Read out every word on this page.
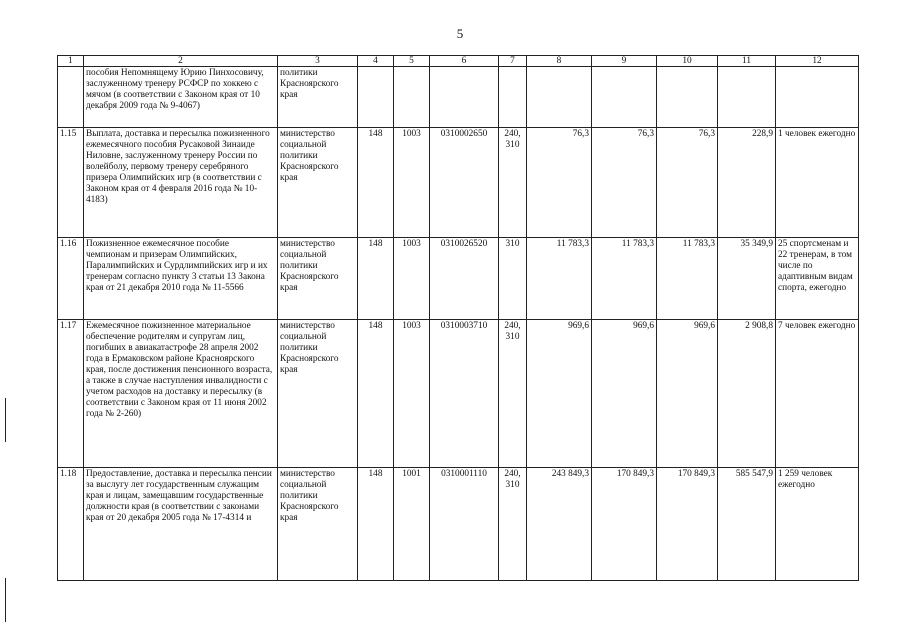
5
1	2	3	4	5	6	7	8	9	10	11	12
	пособия Непомнящему Юрию Пинхосовичу, заслуженному тренеру РСФСР по хоккею с мячом (в соответствии с Законом края от 10 декабря 2009 года № 9-4067)	политики Красноярского края									
1.15	Выплата, доставка и пересылка пожизненного ежемесячного пособия Русаковой Зинаиде Ниловне, заслуженному тренеру России по волейболу, первому тренеру серебряного призера Олимпийских игр (в соответствии с Законом края от 4 февраля 2016 года № 10-4183)	министерство социальной политики Красноярского края	148	1003	0310002650	240, 310	76,3	76,3	76,3	228,9	1 человек ежегодно
1.16	Пожизненное ежемесячное пособие чемпионам и призерам Олимпийских, Паралимпийских и Сурдлимпийских игр и их тренерам согласно пункту 3 статьи 13 Закона края от 21 декабря 2010 года № 11-5566	министерство социальной политики Красноярского края	148	1003	0310026520	310	11 783,3	11 783,3	11 783,3	35 349,9	25 спортсменам и 22 тренерам, в том числе по адаптивным видам спорта, ежегодно
1.17	Ежемесячное пожизненное материальное обеспечение родителям и супругам лиц, погибших в авиакатастрофе 28 апреля 2002 года в Ермаковском районе Красноярского края, после достижения пенсионного возраста, а также в случае наступления инвалидности с учетом расходов на доставку и пересылку (в соответствии с Законом края от 11 июня 2002 года № 2-260)	министерство социальной политики Красноярского края	148	1003	0310003710	240, 310	969,6	969,6	969,6	2 908,8	7 человек ежегодно
1.18	Предоставление, доставка и пересылка пенсии за выслугу лет государственным служащим края и лицам, замещавшим государственные должности края (в соответствии с законами края от 20 декабря 2005 года № 17-4314 и	министерство социальной политики Красноярского края	148	1001	0310001110	240, 310	243 849,3	170 849,3	170 849,3	585 547,9	1 259 человек ежегодно
